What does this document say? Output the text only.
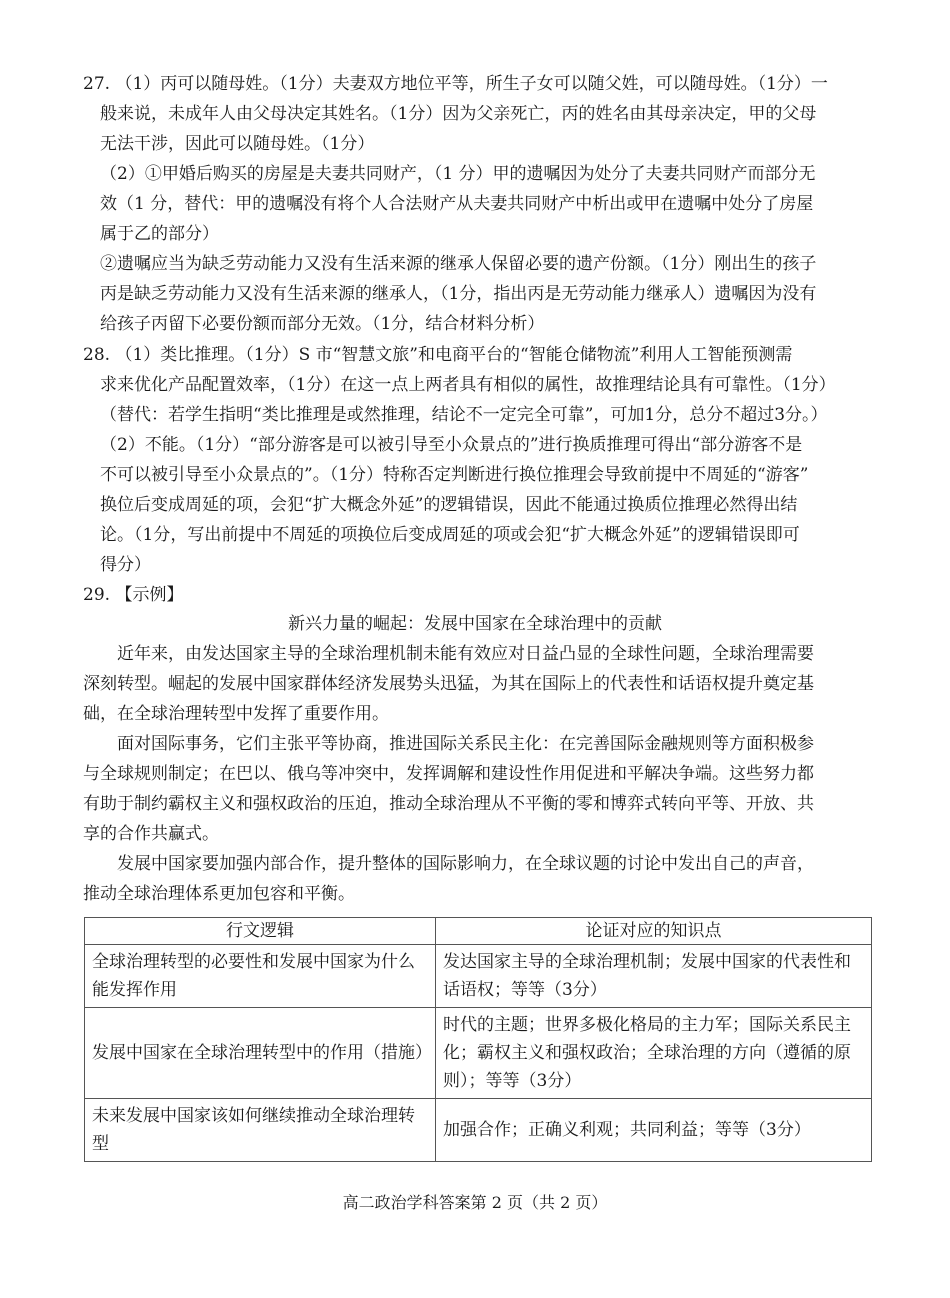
27. （1）丙可以随母姓。（1分）夫妻双方地位平等，所生子女可以随父姓，可以随母姓。（1分）一
般来说，未成年人由父母决定其姓名。（1分）因为父亲死亡，丙的姓名由其母亲决定，甲的父母
无法干涉，因此可以随母姓。（1分）
（2）①甲婚后购买的房屋是夫妻共同财产，（1 分）甲的遗嘱因为处分了夫妻共同财产而部分无
效（1 分，替代：甲的遗嘱没有将个人合法财产从夫妻共同财产中析出或甲在遗嘱中处分了房屋
属于乙的部分）
②遗嘱应当为缺乏劳动能力又没有生活来源的继承人保留必要的遗产份额。（1分）刚出生的孩子
丙是缺乏劳动能力又没有生活来源的继承人，（1分，指出丙是无劳动能力继承人）遗嘱因为没有
给孩子丙留下必要份额而部分无效。（1分，结合材料分析）
28. （1）类比推理。（1分）S 市“智慧文旅”和电商平台的“智能仓储物流”利用人工智能预测需
求来优化产品配置效率，（1分）在这一点上两者具有相似的属性，故推理结论具有可靠性。（1分）
（替代：若学生指明“类比推理是或然推理，结论不一定完全可靠”，可加1分，总分不超过3分。）
（2）不能。（1分）“部分游客是可以被引导至小众景点的”进行换质推理可得出“部分游客不是
不可以被引导至小众景点的”。（1分）特称否定判断进行换位推理会导致前提中不周延的“游客”
换位后变成周延的项，会犯“扩大概念外延”的逻辑错误，因此不能通过换质位推理必然得出结
论。（1分，写出前提中不周延的项换位后变成周延的项或会犯“扩大概念外延”的逻辑错误即可
得分）
29. 【示例】
新兴力量的崛起：发展中国家在全球治理中的贡献
近年来，由发达国家主导的全球治理机制未能有效应对日益凸显的全球性问题，全球治理需要
深刻转型。崛起的发展中国家群体经济发展势头迅猛，为其在国际上的代表性和话语权提升奠定基
础，在全球治理转型中发挥了重要作用。
面对国际事务，它们主张平等协商，推进国际关系民主化：在完善国际金融规则等方面积极参
与全球规则制定；在巴以、俄乌等冲突中，发挥调解和建设性作用促进和平解决争端。这些努力都
有助于制约霸权主义和强权政治的压迫，推动全球治理从不平衡的零和博弈式转向平等、开放、共
享的合作共赢式。
发展中国家要加强内部合作，提升整体的国际影响力，在全球议题的讨论中发出自己的声音，
推动全球治理体系更加包容和平衡。
行文逻辑	论证对应的知识点
全球治理转型的必要性和发展中国家为什么能发挥作用	发达国家主导的全球治理机制；发展中国家的代表性和话语权；等等（3分）
发展中国家在全球治理转型中的作用（措施）	时代的主题；世界多极化格局的主力军；国际关系民主化；霸权主义和强权政治；全球治理的方向（遵循的原则）；等等（3分）
未来发展中国家该如何继续推动全球治理转型	加强合作；正确义利观；共同利益；等等（3分）
高二政治学科答案第 2 页（共 2 页）
